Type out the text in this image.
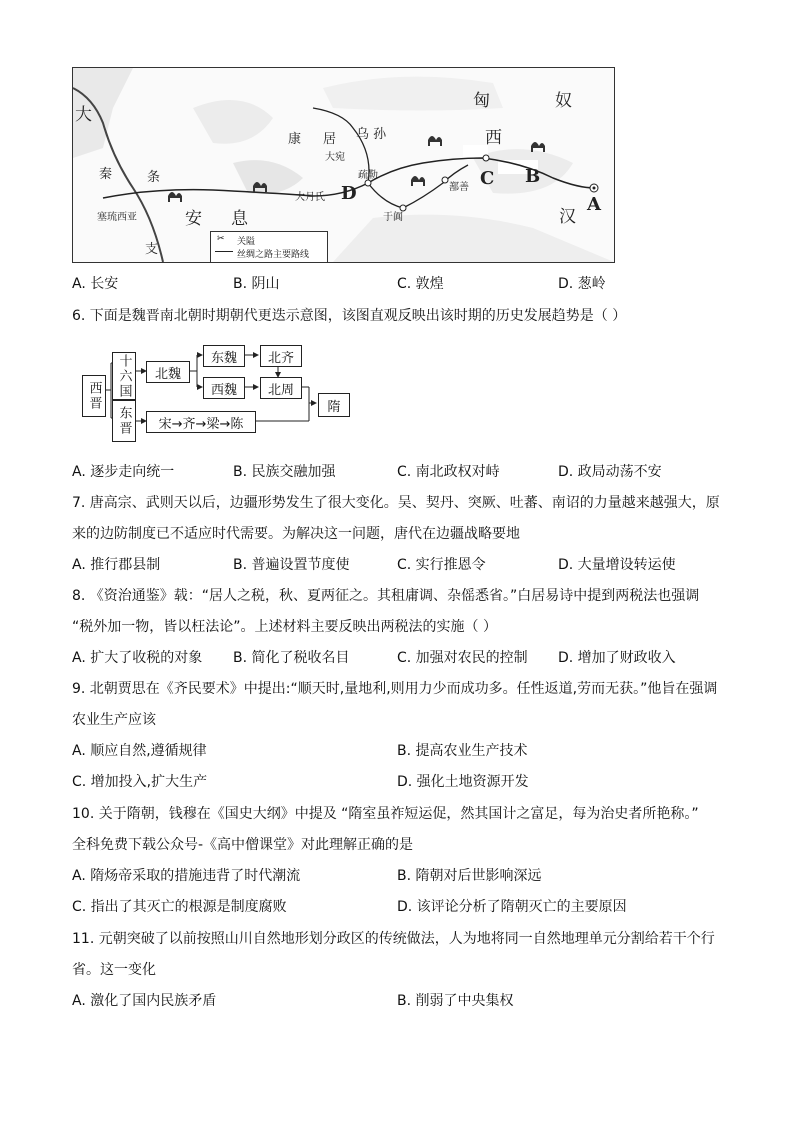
匈	奴
大
康 居 乌 孙
大宛
西
秦	条	疏勒
大月氏
鄯善
于阗
塞琉西亚	安 息
支
汉
A
B
C
D
✂ 关隘
丝绸之路主要路线
A. 长安	B. 阴山	C. 敦煌	D. 葱岭
6. 下面是魏晋南北朝时期朝代更迭示意图，该图直观反映出该时期的历史发展趋势是（ ）
西晋	十六国
东晋
北魏
东魏
西魏
北齐
北周
宋→齐→梁→陈
隋
A. 逐步走向统一	B. 民族交融加强	C. 南北政权对峙	D. 政局动荡不安
7. 唐高宗、武则天以后，边疆形势发生了很大变化。吴、契丹、突厥、吐蕃、南诏的力量越来越强大，原
来的边防制度已不适应时代需要。为解决这一问题，唐代在边疆战略要地
A. 推行郡县制	B. 普遍设置节度使	C. 实行推恩令	D. 大量增设转运使
8. 《资治通鉴》载：“居人之税，秋、夏两征之。其租庸调、杂傜悉省。”白居易诗中提到两税法也强调
“税外加一物，皆以枉法论”。上述材料主要反映出两税法的实施（ ）
A. 扩大了收税的对象 B. 简化了税收名目	C. 加强对农民的控制 D. 增加了财政收入
9. 北朝贾思在《齐民要术》中提出:“顺天时,量地利,则用力少而成功多。任性返道,劳而无获。”他旨在强调
农业生产应该
A. 顺应自然,遵循规律	B. 提高农业生产技术
C. 增加投入,扩大生产	D. 强化土地资源开发
10. 关于隋朝，钱穆在《国史大纲》中提及 “隋室虽祚短运促，然其国计之富足，每为治史者所艳称。”
全科免费下载公众号-《高中僧课堂》对此理解正确的是
A. 隋炀帝采取的措施违背了时代潮流	B. 隋朝对后世影响深远
C. 指出了其灭亡的根源是制度腐败	D. 该评论分析了隋朝灭亡的主要原因
11. 元朝突破了以前按照山川自然地形划分政区的传统做法，人为地将同一自然地理单元分割给若干个行
省。这一变化
A. 激化了国内民族矛盾	B. 削弱了中央集权
